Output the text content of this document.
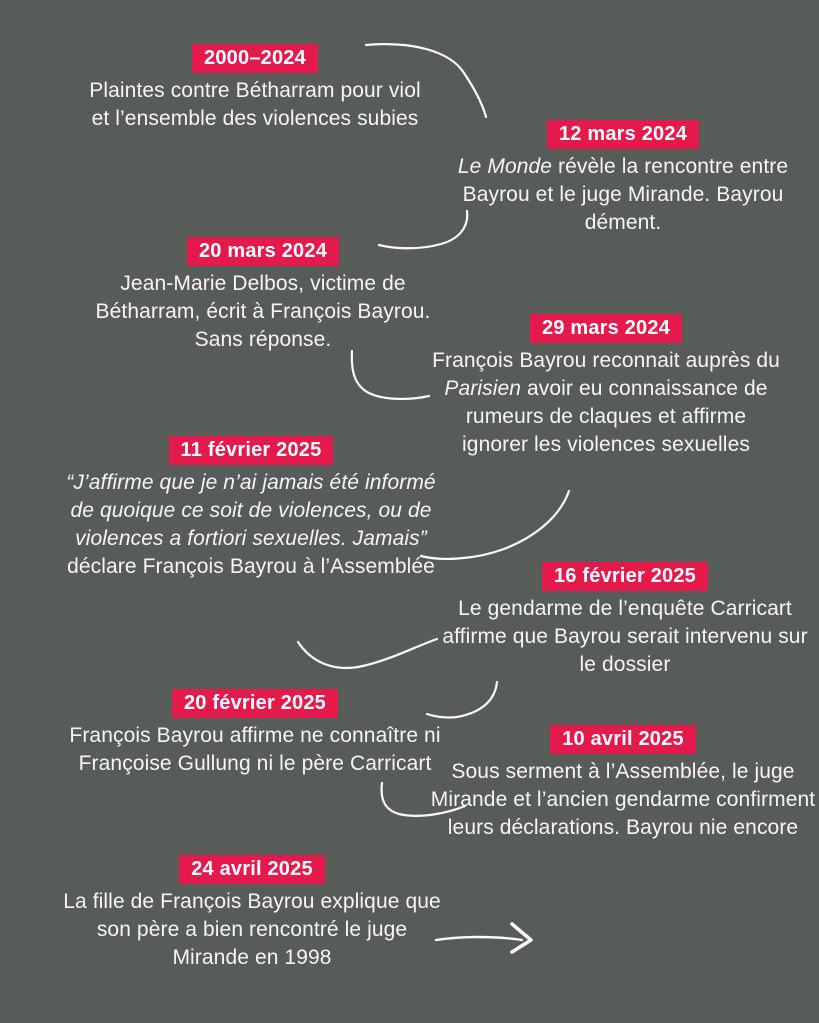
2000–2024

Plaintes contre Bétharram pour viol et l’ensemble des violences subies

12 mars 2024

Le Monde révèle la rencontre entre Bayrou et le juge Mirande. Bayrou dément.

20 mars 2024

Jean-Marie Delbos, victime de Bétharram, écrit à François Bayrou. Sans réponse.	29 mars 2024

François Bayrou reconnait auprès du Parisien avoir eu connaissance de rumeurs de claques et affirme ignorer les violences sexuelles

11 février 2025

“J’affirme que je n’ai jamais été informé de quoique ce soit de violences, ou de violences a fortiori sexuelles. Jamais” déclare François Bayrou à l’Assemblée	16 février 2025

Le gendarme de l’enquête Carricart affirme que Bayrou serait intervenu sur le dossier

20 février 2025

François Bayrou affirme ne connaître ni Françoise Gullung ni le père Carricart

10 avril 2025

Sous serment à l’Assemblée, le juge Mirande et l’ancien gendarme confirment leurs déclarations. Bayrou nie encore

24 avril 2025

La fille de François Bayrou explique que son père a bien rencontré le juge Mirande en 1998
